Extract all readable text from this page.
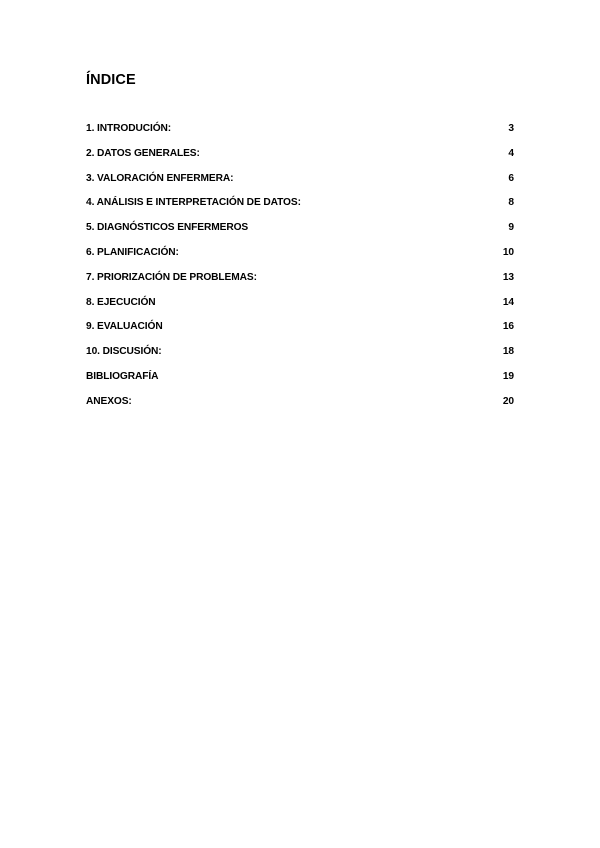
ÍNDICE
1. INTRODUCIÓN:	3
2. DATOS GENERALES:	4
3. VALORACIÓN ENFERMERA:	6
4. ANÁLISIS E INTERPRETACIÓN DE DATOS:	8
5. DIAGNÓSTICOS ENFERMEROS	9
6. PLANIFICACIÓN:	10
7. PRIORIZACIÓN DE PROBLEMAS:	13
8. EJECUCIÓN	14
9. EVALUACIÓN	16
10. DISCUSIÓN:	18
BIBLIOGRAFÍA	19
ANEXOS:	20
